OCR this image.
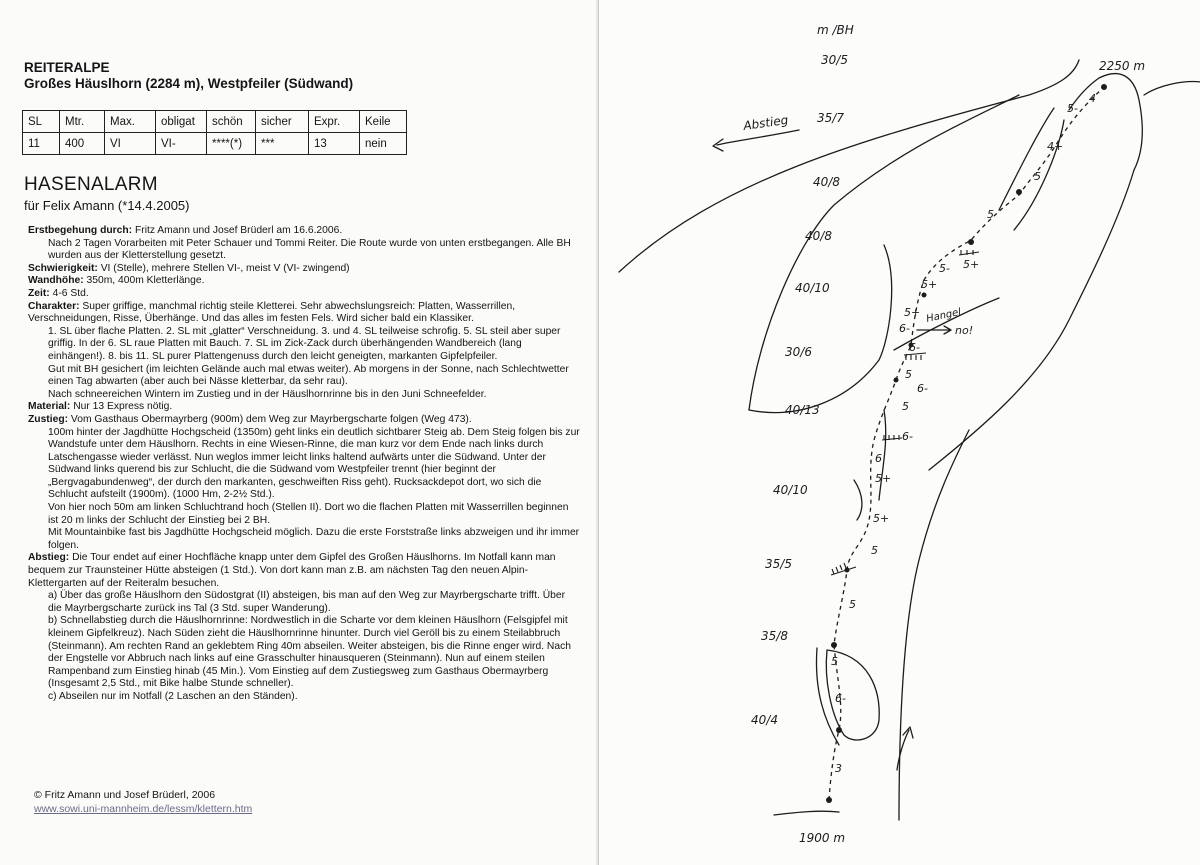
REITERALPE
Großes Häuslhorn (2284 m), Westpfeiler (Südwand)
SL	Mtr.	Max.	obligat	schön	sicher	Expr.	Keile
11	400	VI	VI-	****(*)	***	13	nein
HASENALARM
für Felix Amann (*14.4.2005)

Erstbegehung durch: Fritz Amann und Josef Brüderl am 16.6.2006.

Nach 2 Tagen Vorarbeiten mit Peter Schauer und Tommi Reiter. Die Route wurde von unten erstbegangen. Alle BH wurden aus der Kletterstellung gesetzt.

Schwierigkeit: VI (Stelle), mehrere Stellen VI-, meist V (VI- zwingend)

Wandhöhe: 350m, 400m Kletterlänge.

Zeit: 4-6 Std.

Charakter: Super griffige, manchmal richtig steile Kletterei. Sehr abwechslungsreich: Platten, Wasserrillen, Verschneidungen, Risse, Überhänge. Und das alles im festen Fels. Wird sicher bald ein Klassiker.

1. SL über flache Platten. 2. SL mit „glatter“ Verschneidung. 3. und 4. SL teilweise schrofig. 5. SL steil aber super griffig. In der 6. SL raue Platten mit Bauch. 7. SL im Zick-Zack durch überhängenden Wandbereich (lang einhängen!). 8. bis 11. SL purer Plattengenuss durch den leicht geneigten, markanten Gipfelpfeiler.

Gut mit BH gesichert (im leichten Gelände auch mal etwas weiter). Ab morgens in der Sonne, nach Schlechtwetter einen Tag abwarten (aber auch bei Nässe kletterbar, da sehr rau).

Nach schneereichen Wintern im Zustieg und in der Häuslhornrinne bis in den Juni Schneefelder.

Material: Nur 13 Express nötig.

Zustieg: Vom Gasthaus Obermayrberg (900m) dem Weg zur Mayrbergscharte folgen (Weg 473).

100m hinter der Jagdhütte Hochgscheid (1350m) geht links ein deutlich sichtbarer Steig ab. Dem Steig folgen bis zur Wandstufe unter dem Häuslhorn. Rechts in eine Wiesen-Rinne, die man kurz vor dem Ende nach links durch Latschengasse wieder verlässt. Nun weglos immer leicht links haltend aufwärts unter die Südwand. Unter der Südwand links querend bis zur Schlucht, die die Südwand vom Westpfeiler trennt (hier beginnt der „Bergvagabundenweg“, der durch den markanten, geschweiften Riss geht). Rucksackdepot dort, wo sich die Schlucht aufsteilt (1900m). (1000 Hm, 2-2½ Std.).

Von hier noch 50m am linken Schluchtrand hoch (Stellen II). Dort wo die flachen Platten mit Wasserrillen beginnen ist 20 m links der Schlucht der Einstieg bei 2 BH.

Mit Mountainbike fast bis Jagdhütte Hochgscheid möglich. Dazu die erste Forststraße links abzweigen und ihr immer folgen.

Abstieg: Die Tour endet auf einer Hochfläche knapp unter dem Gipfel des Großen Häuslhorns. Im Notfall kann man bequem zur Traunsteiner Hütte absteigen (1 Std.). Von dort kann man z.B. am nächsten Tag den neuen Alpin-Klettergarten auf der Reiteralm besuchen.

a) Über das große Häuslhorn den Südostgrat (II) absteigen, bis man auf den Weg zur Mayrbergscharte trifft. Über die Mayrbergscharte zurück ins Tal (3 Std. super Wanderung).

b) Schnellabstieg durch die Häuslhornrinne: Nordwestlich in die Scharte vor dem kleinen Häuslhorn (Felsgipfel mit kleinem Gipfelkreuz). Nach Süden zieht die Häuslhornrinne hinunter. Durch viel Geröll bis zu einem Steilabbruch (Steinmann). Am rechten Rand an geklebtem Ring 40m abseilen. Weiter absteigen, bis die Rinne enger wird. Nach der Engstelle vor Abbruch nach links auf eine Grasschulter hinausqueren (Steinmann). Nun auf einem steilen Rampenband zum Einstieg hinab (45 Min.). Vom Einstieg auf dem Zustiegsweg zum Gasthaus Obermayrberg (Insgesamt 2,5 Std., mit Bike halbe Stunde schneller).

c) Abseilen nur im Notfall (2 Laschen an den Ständen).

© Fritz Amann und Josef Brüderl, 2006
www.sowi.uni-mannheim.de/lessm/klettern.htm
m /BH
2250 m
1900 m
Abstieg
Hangel
no!
30/5
35/7
40/8
40/8
40/10
30/6
40/13
40/10
35/5
35/8
40/4
4
5-
4+
5
5
5- 5+
5+
5+
6-
6-
5
6-
5
6-
6
5+
5+
5
5
5
6-
3
